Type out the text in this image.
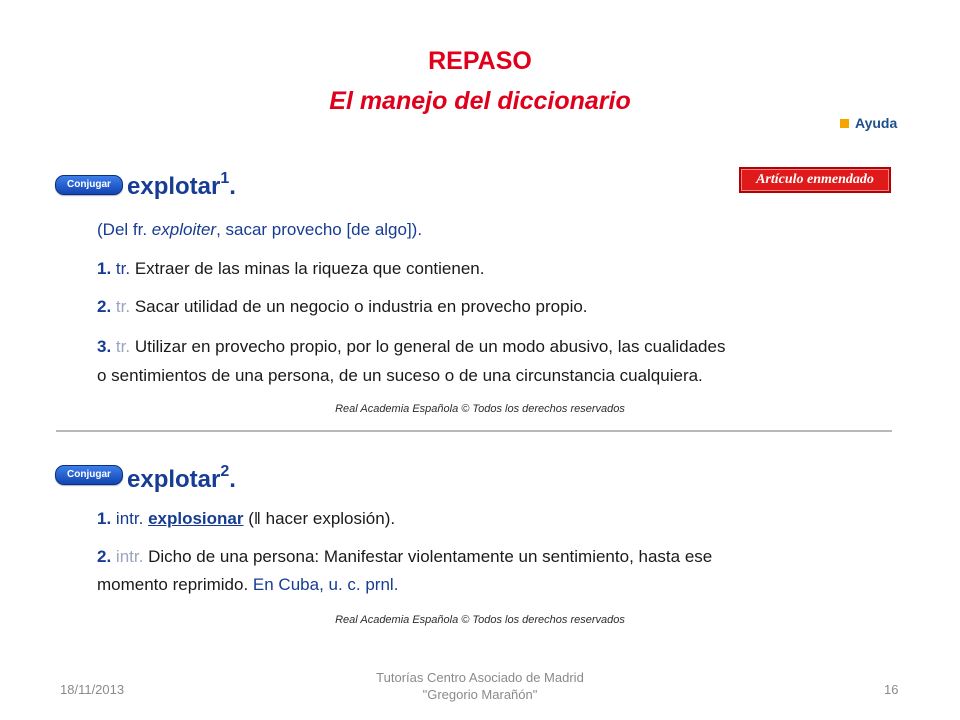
REPASO
El manejo del diccionario
Ayuda
Artículo enmendado
Conjugar explotar$^1$.
(Del fr. exploiter, sacar provecho [de algo]).
1. tr. Extraer de las minas la riqueza que contienen.
2. tr. Sacar utilidad de un negocio o industria en provecho propio.
3. tr. Utilizar en provecho propio, por lo general de un modo abusivo, las cualidades
o sentimientos de una persona, de un suceso o de una circunstancia cualquiera.
Real Academia Española © Todos los derechos reservados
Conjugar explotar$^2$.
1. intr. explosionar (‖ hacer explosión).
2. intr. Dicho de una persona: Manifestar violentamente un sentimiento, hasta ese
momento reprimido. En Cuba, u. c. prnl.
Real Academia Española © Todos los derechos reservados
18/11/2013
Tutorías Centro Asociado de Madrid
"Gregorio Marañón"	16
